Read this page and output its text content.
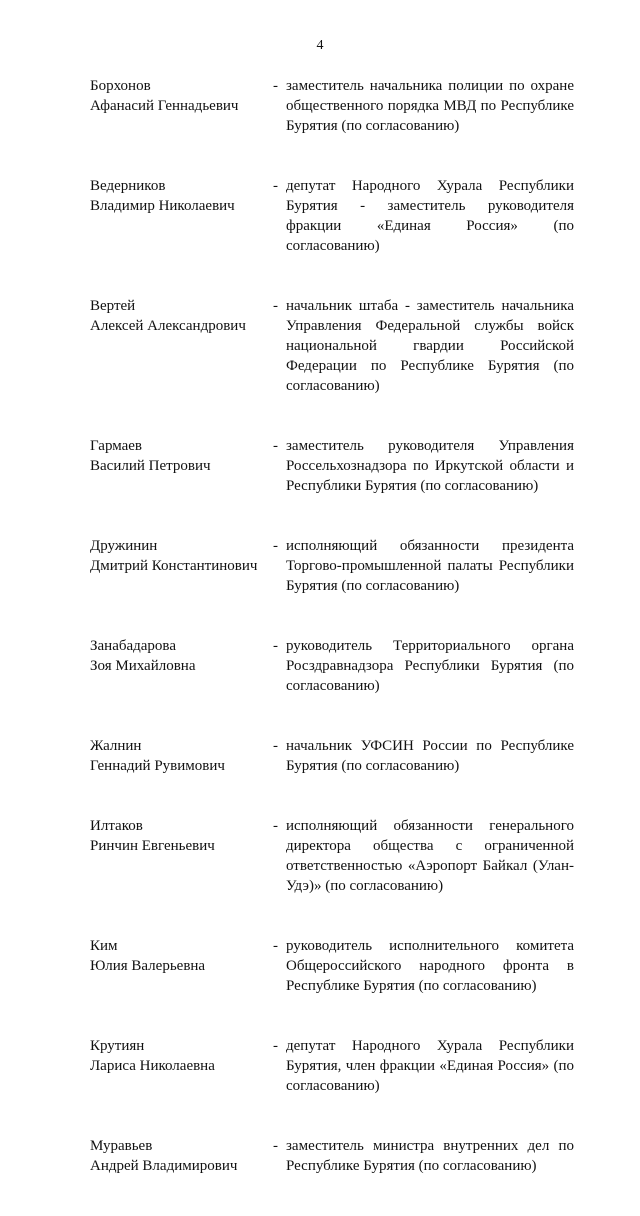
4
Борхонов
Афанасий Геннадьевич
- заместитель начальника полиции по охране общественного порядка МВД по Республике Бурятия (по согласованию)
Ведерников
Владимир Николаевич
- депутат Народного Хурала Республики Бурятия - заместитель руководителя фракции «Единая Россия» (по согласованию)
Вертей
Алексей Александрович
- начальник штаба - заместитель начальника Управления Федеральной службы войск национальной гвардии Российской Федерации по Республике Бурятия (по согласованию)
Гармаев
Василий Петрович
- заместитель руководителя Управления Россельхознадзора по Иркутской области и Республики Бурятия (по согласованию)
Дружинин
Дмитрий Константинович
- исполняющий обязанности президента Торгово-промышленной палаты Республики Бурятия (по согласованию)
Занабадарова
Зоя Михайловна
- руководитель Территориального органа Росздравнадзора Республики Бурятия (по согласованию)
Жалнин
Геннадий Рувимович
- начальник УФСИН России по Республике Бурятия (по согласованию)
Илтаков
Ринчин Евгеньевич
- исполняющий обязанности генерального директора общества с ограниченной ответственностью «Аэропорт Байкал (Улан-Удэ)» (по согласованию)
Ким
Юлия Валерьевна
- руководитель исполнительного комитета Общероссийского народного фронта в Республике Бурятия (по согласованию)
Крутиян
Лариса Николаевна
- депутат Народного Хурала Республики Бурятия, член фракции «Единая Россия» (по согласованию)
Муравьев
Андрей Владимирович
- заместитель министра внутренних дел по Республике Бурятия (по согласованию)
